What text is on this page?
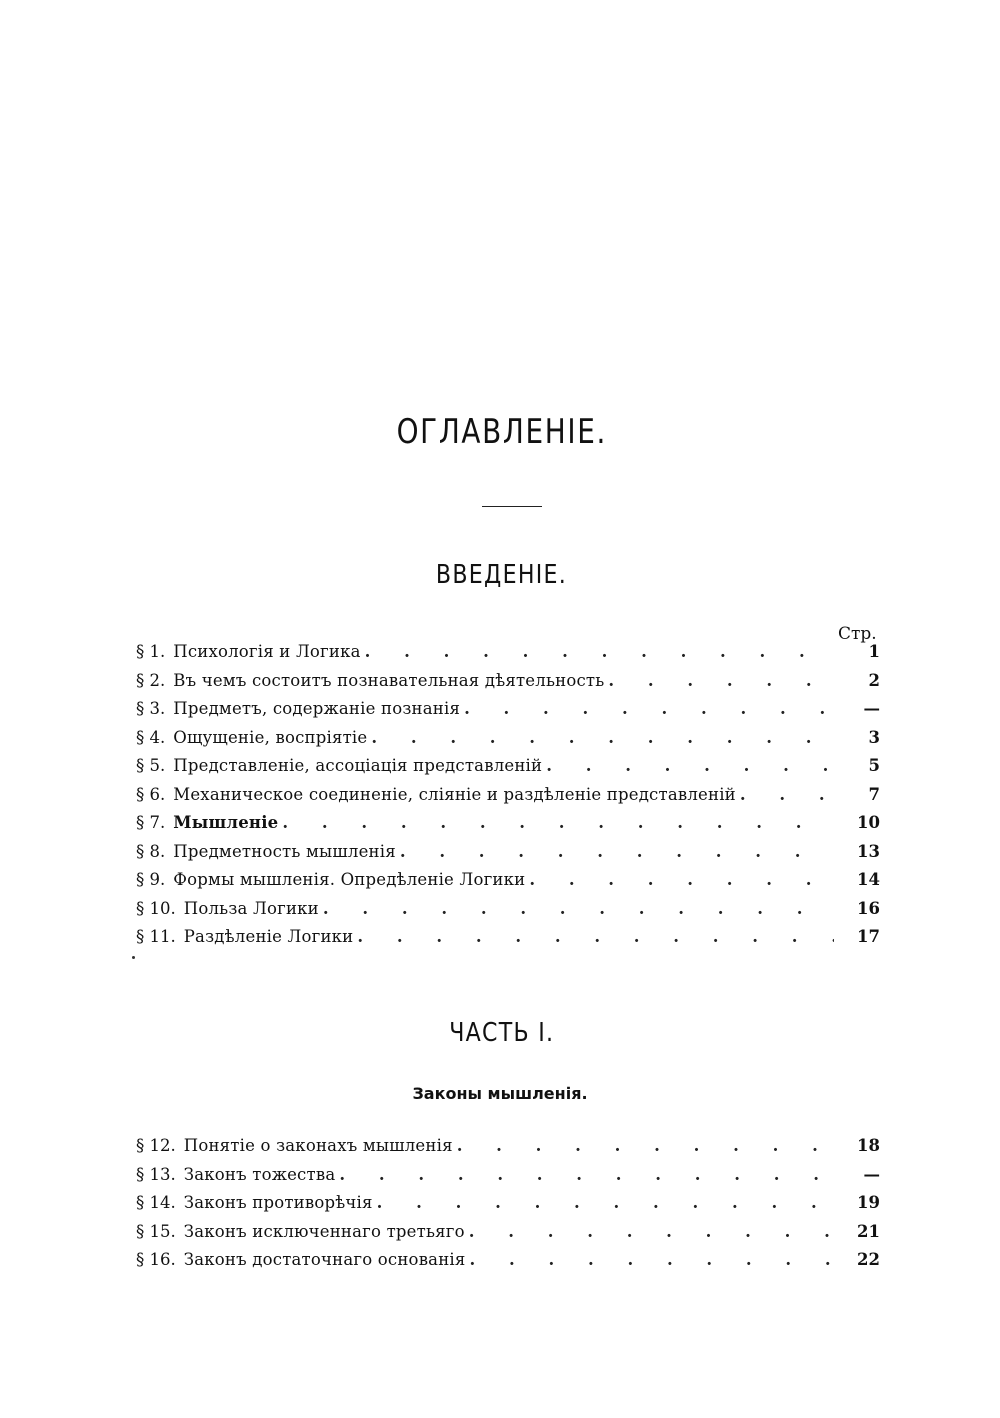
ОГЛАВЛЕНІЕ.
ВВЕДЕНІЕ.
Стр.
§ 1. Психологія и Логика . . .	1
§ 2. Въ чемъ состоитъ познавательная дѣятельность . . .	2
§ 3. Предметъ, содержаніе познанія . . .	—
§ 4. Ощущеніе, воспріятіе . . .	3
§ 5. Представленіе, ассоціація представленій . . .	5
§ 6. Механическое соединеніе, сліяніе и раздѣленіе представленій . . .	7
§ 7. Мышленіе . . .	10
§ 8. Предметность мышленія . . .	13
§ 9. Формы мышленія. Опредѣленіе Логики . . .	14
§ 10. Польза Логики . . .	16
§ 11. Раздѣленіе Логики . . .	17
ЧАСТЬ I.
Законы мышленія.
§ 12. Понятіе о законахъ мышленія . . .	18
§ 13. Законъ тожества . . .	—
§ 14. Законъ противорѣчія . . .	19
§ 15. Законъ исключеннаго третьяго . . .	21
§ 16. Законъ достаточнаго основанія . . .	22
